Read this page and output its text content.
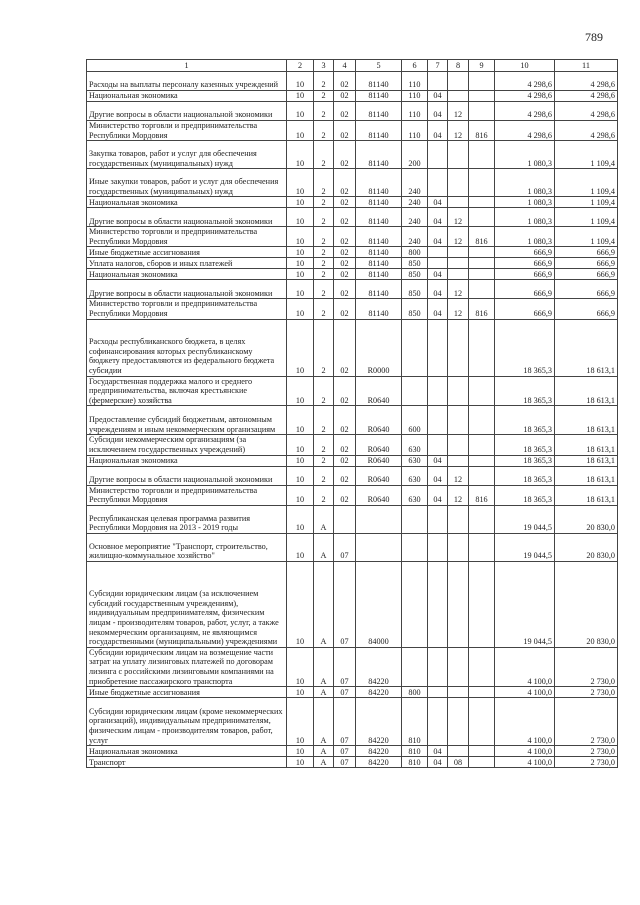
789
1	2	3	4	5	6	7	8	9	10	11
Расходы на выплаты персоналу казенных учреждений	10	2	02	81140	110				4 298,6	4 298,6
Национальная экономика	10	2	02	81140	110	04			4 298,6	4 298,6
Другие вопросы в области национальной экономики	10	2	02	81140	110	04	12		4 298,6	4 298,6
Министерство торговли и предпринимательства Республики Мордовия	10	2	02	81140	110	04	12	816	4 298,6	4 298,6
Закупка товаров, работ и услуг для обеспечения государственных (муниципальных) нужд	10	2	02	81140	200				1 080,3	1 109,4
Иные закупки товаров, работ и услуг для обеспечения государственных (муниципальных) нужд	10	2	02	81140	240				1 080,3	1 109,4
Национальная экономика	10	2	02	81140	240	04			1 080,3	1 109,4
Другие вопросы в области национальной экономики	10	2	02	81140	240	04	12		1 080,3	1 109,4
Министерство торговли и предпринимательства Республики Мордовия	10	2	02	81140	240	04	12	816	1 080,3	1 109,4
Иные бюджетные ассигнования	10	2	02	81140	800				666,9	666,9
Уплата налогов, сборов и иных платежей	10	2	02	81140	850				666,9	666,9
Национальная экономика	10	2	02	81140	850	04			666,9	666,9
Другие вопросы в области национальной экономики	10	2	02	81140	850	04	12		666,9	666,9
Министерство торговли и предпринимательства Республики Мордовия	10	2	02	81140	850	04	12	816	666,9	666,9
Расходы республиканского бюджета, в целях софинансирования которых республиканскому бюджету предоставляются из федерального бюджета субсидии	10	2	02	R0000					18 365,3	18 613,1
Государственная поддержка малого и среднего предпринимательства, включая крестьянские (фермерские) хозяйства	10	2	02	R0640					18 365,3	18 613,1
Предоставление субсидий бюджетным, автономным учреждениям и иным некоммерческим организациям	10	2	02	R0640	600				18 365,3	18 613,1
Субсидии некоммерческим организациям (за исключением государственных учреждений)	10	2	02	R0640	630				18 365,3	18 613,1
Национальная экономика	10	2	02	R0640	630	04			18 365,3	18 613,1
Другие вопросы в области национальной экономики	10	2	02	R0640	630	04	12		18 365,3	18 613,1
Министерство торговли и предпринимательства Республики Мордовия	10	2	02	R0640	630	04	12	816	18 365,3	18 613,1
Республиканская целевая программа развития Республики Мордовия на 2013 - 2019 годы	10	А							19 044,5	20 830,0
Основное мероприятие "Транспорт, строительство, жилищно-коммунальное хозяйство"	10	А	07						19 044,5	20 830,0
Субсидии юридическим лицам (за исключением субсидий государственным учреждениям), индивидуальным предпринимателям, физическим лицам - производителям товаров, работ, услуг, а также некоммерческим организациям, не являющимся государственными (муниципальными) учреждениями	10	А	07	84000					19 044,5	20 830,0
Субсидии юридическим лицам на возмещение части затрат на уплату лизинговых платежей по договорам лизинга с российскими лизинговыми компаниями на приобретение пассажирского транспорта	10	А	07	84220					4 100,0	2 730,0
Иные бюджетные ассигнования	10	А	07	84220	800				4 100,0	2 730,0
Субсидии юридическим лицам (кроме некоммерческих организаций), индивидуальным предпринимателям, физическим лицам - производителям товаров, работ, услуг	10	А	07	84220	810				4 100,0	2 730,0
Национальная экономика	10	А	07	84220	810	04			4 100,0	2 730,0
Транспорт	10	А	07	84220	810	04	08		4 100,0	2 730,0
